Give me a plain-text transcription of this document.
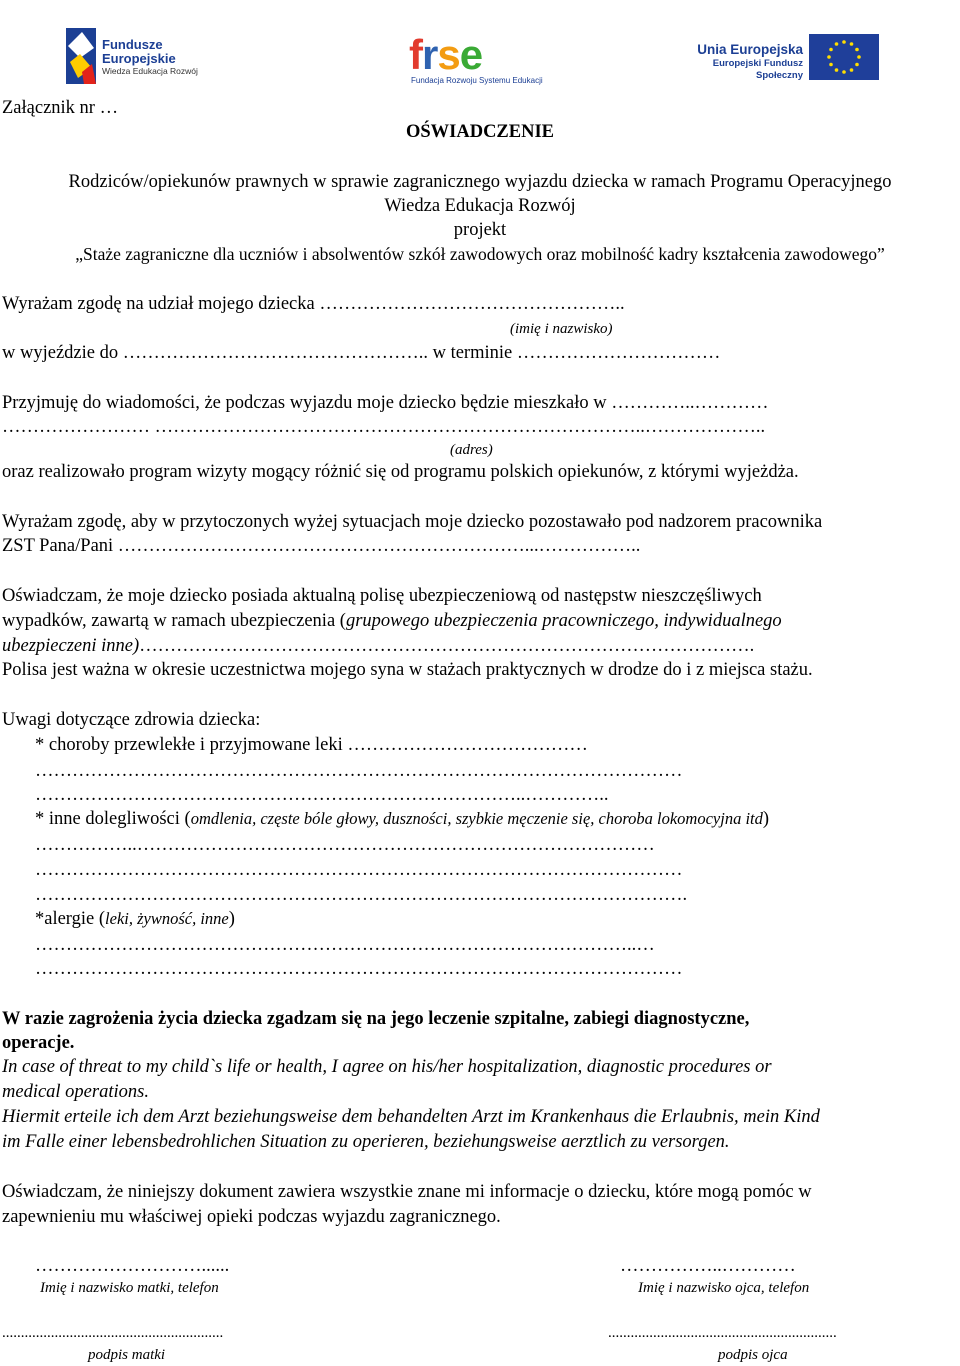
Fundusze
Europejskie
Wiedza Edukacja Rozwój	frse
Fundacja Rozwoju Systemu Edukacji
Unia Europejska
Europejski Fundusz Społeczny
Załącznik nr …
OŚWIADCZENIE
Rodziców/opiekunów prawnych w sprawie zagranicznego wyjazdu dziecka w ramach Programu Operacyjnego
Wiedza Edukacja Rozwój
projekt
„Staże zagraniczne dla uczniów i absolwentów szkół zawodowych oraz mobilność kadry kształcenia zawodowego”
Wyrażam zgodę na udział mojego dziecka …………………………………………..
(imię i nazwisko)
w wyjeździe do ………………………………………….. w terminie ……………………………
Przyjmuję do wiadomości, że podczas wyjazdu moje dziecko będzie mieszkało w …………..…………
…………………… ……………………………………………………………………..………………..
(adres)
oraz realizowało program wizyty mogący różnić się od programu polskich opiekunów, z którymi wyjeżdża.
Wyrażam zgodę, aby w przytoczonych wyżej sytuacjach moje dziecko pozostawało pod nadzorem pracownika
ZST Pana/Pani …………………………………………………………...……………..
Oświadczam, że moje dziecko posiada aktualną polisę ubezpieczeniową od następstw nieszczęśliwych
wypadków, zawartą w ramach ubezpieczenia (grupowego ubezpieczenia pracowniczego, indywidualnego
ubezpieczeni inne)……………………………………………………………………………………….
Polisa jest ważna w okresie uczestnictwa mojego syna w stażach praktycznych w drodze do i z miejsca stażu.
Uwagi dotyczące zdrowia dziecka:
* choroby przewlekłe i przyjmowane leki …………………………………
……………………………………………………………………………………………
……………………………………………………………………..…………..
* inne dolegliwości (omdlenia, częste bóle głowy, duszności, szybkie męczenie się, choroba lokomocyjna itd)
……………..…………………………………………………………………………
……………………………………………………………………………………………
…………………………………………………………………………………………….
*alergie (leki, żywność, inne)
……………………………………………………………………………………..…
……………………………………………………………………………………………
W razie zagrożenia życia dziecka zgadzam się na jego leczenie szpitalne, zabiegi diagnostyczne,
operacje.
In case of threat to my child`s life or health, I agree on his/her hospitalization, diagnostic procedures or
medical operations.
Hiermit erteile ich dem Arzt beziehungsweise dem behandelten Arzt im Krankenhaus die Erlaubnis, mein Kind
im Falle einer lebensbedrohlichen Situation zu operieren, beziehungsweise aerztlich zu versorgen.
Oświadczam, że niniejszy dokument zawiera wszystkie znane mi informacje o dziecku, które mogą pomóc w
zapewnieniu mu właściwej opieki podczas wyjazdu zagranicznego.
………………………......
Imię i nazwisko matki, telefon
……………..…………
Imię i nazwisko ojca, telefon
...........................................................
podpis matki
.............................................................
podpis ojca
